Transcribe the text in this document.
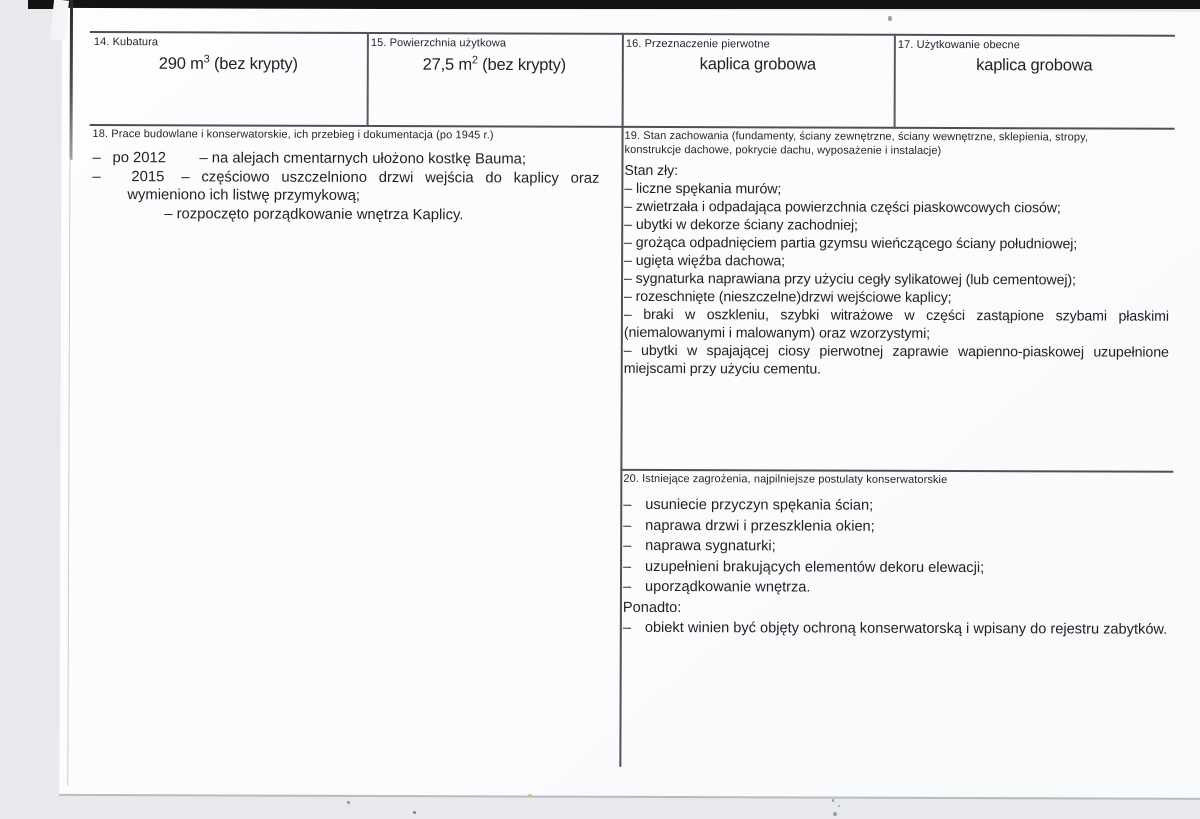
14. Kubatura
290 $m^3$ (bez krypty)
15. Powierzchnia użytkowa
27,5 $m^2$ (bez krypty)
16. Przeznaczenie pierwotne
kaplica grobowa
17. Użytkowanie obecne
kaplica grobowa
18. Prace budowlane i konserwatorskie, ich przebieg i dokumentacja (po 1945 r.)
– po 2012 – na alejach cmentarnych ułożono kostkę Bauma;
– 2015 – częściowo uszczelniono drzwi wejścia do kaplicy oraz
wymieniono ich listwę przymykową;
– rozpoczęto porządkowanie wnętrza Kaplicy.
19. Stan zachowania (fundamenty, ściany zewnętrzne, ściany wewnętrzne, sklepienia, stropy,
konstrukcje dachowe, pokrycie dachu, wyposażenie i instalacje)
Stan zły:
– liczne spękania murów;
– zwietrzała i odpadająca powierzchnia części piaskowcowych ciosów;
– ubytki w dekorze ściany zachodniej;
– grożąca odpadnięciem partia gzymsu wieńczącego ściany południowej;
– ugięta więźba dachowa;
– sygnaturka naprawiana przy użyciu cegły sylikatowej (lub cementowej);
– rozeschnięte (nieszczelne)drzwi wejściowe kaplicy;
– braki w oszkleniu, szybki witrażowe w części zastąpione szybami płaskimi (niemalowanymi i malowanym) oraz wzorzystymi;
– ubytki w spajającej ciosy pierwotnej zaprawie wapienno-piaskowej uzupełnione miejscami przy użyciu cementu.
20. Istniejące zagrożenia, najpilniejsze postulaty konserwatorskie
– usuniecie przyczyn spękania ścian;
– naprawa drzwi i przeszklenia okien;
– naprawa sygnaturki;
– uzupełnieni brakujących elementów dekoru elewacji;
– uporządkowanie wnętrza.
Ponadto:
– obiekt winien być objęty ochroną konserwatorską i wpisany do rejestru zabytków.
